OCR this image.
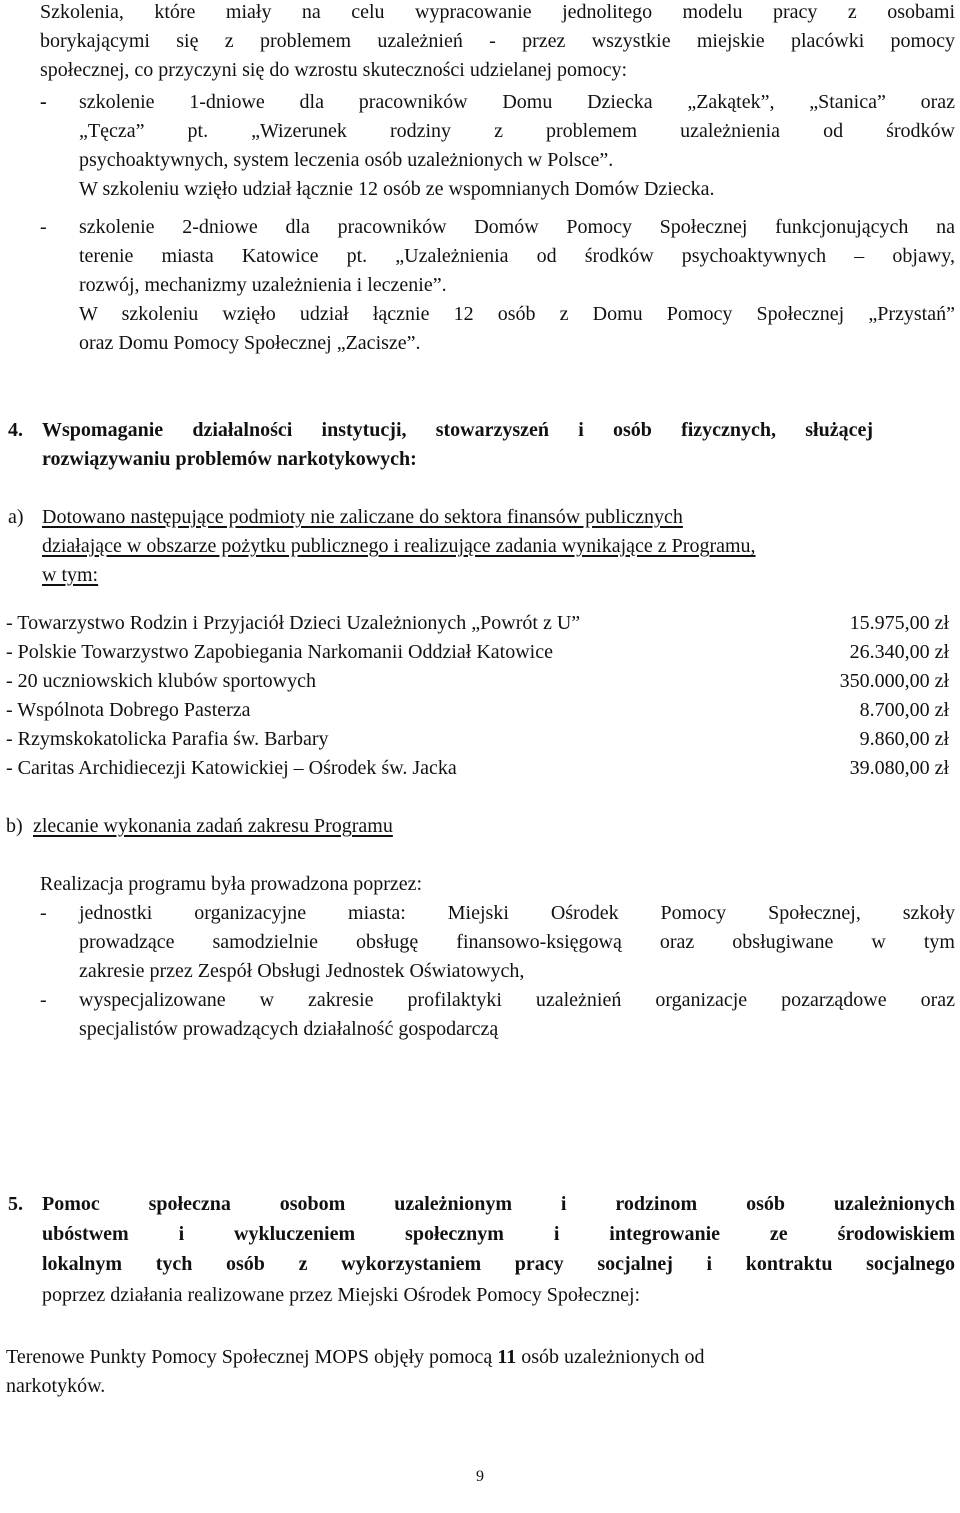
Szkolenia, które miały na celu wypracowanie jednolitego modelu pracy z osobami

borykającymi się z problemem uzależnień - przez wszystkie miejskie placówki pomocy

społecznej, co przyczyni się do wzrostu skuteczności udzielanej pomocy:

- szkolenie 1-dniowe dla pracowników Domu Dziecka „Zakątek”, „Stanica” oraz

„Tęcza” pt. „Wizerunek rodziny z problemem uzależnienia od środków

psychoaktywnych, system leczenia osób uzależnionych w Polsce”.

W szkoleniu wzięło udział łącznie 12 osób ze wspomnianych Domów Dziecka.

- szkolenie 2-dniowe dla pracowników Domów Pomocy Społecznej funkcjonujących na

terenie miasta Katowice pt. „Uzależnienia od środków psychoaktywnych – objawy,

rozwój, mechanizmy uzależnienia i leczenie”.

W szkoleniu wzięło udział łącznie 12 osób z Domu Pomocy Społecznej „Przystań”

oraz Domu Pomocy Społecznej „Zacisze”.

4. Wspomaganie działalności instytucji, stowarzyszeń i osób fizycznych, służącej

rozwiązywaniu problemów narkotykowych:

a) Dotowano następujące podmioty nie zaliczane do sektora finansów publicznych

działające w obszarze pożytku publicznego i realizujące zadania wynikające z Programu,

w tym:

- Towarzystwo Rodzin i Przyjaciół Dzieci Uzależnionych „Powrót z U”	15.975,00 zł

- Polskie Towarzystwo Zapobiegania Narkomanii Oddział Katowice	26.340,00 zł

- 20 uczniowskich klubów sportowych	350.000,00 zł

- Wspólnota Dobrego Pasterza	8.700,00 zł

- Rzymskokatolicka Parafia św. Barbary	9.860,00 zł

- Caritas Archidiecezji Katowickiej – Ośrodek św. Jacka	39.080,00 zł
b) zlecanie wykonania zadań zakresu Programu

Realizacja programu była prowadzona poprzez:

- jednostki organizacyjne miasta: Miejski Ośrodek Pomocy Społecznej, szkoły

prowadzące samodzielnie obsługę finansowo-księgową oraz obsługiwane w tym

zakresie przez Zespół Obsługi Jednostek Oświatowych,

- wyspecjalizowane w zakresie profilaktyki uzależnień organizacje pozarządowe oraz

specjalistów prowadzących działalność gospodarczą

5. Pomoc społeczna osobom uzależnionym i rodzinom osób uzależnionych

ubóstwem i wykluczeniem społecznym i integrowanie ze środowiskiem

lokalnym tych osób z wykorzystaniem pracy socjalnej i kontraktu socjalnego

poprzez działania realizowane przez Miejski Ośrodek Pomocy Społecznej:

Terenowe Punkty Pomocy Społecznej MOPS objęły pomocą 11 osób uzależnionych od

narkotyków.

9
